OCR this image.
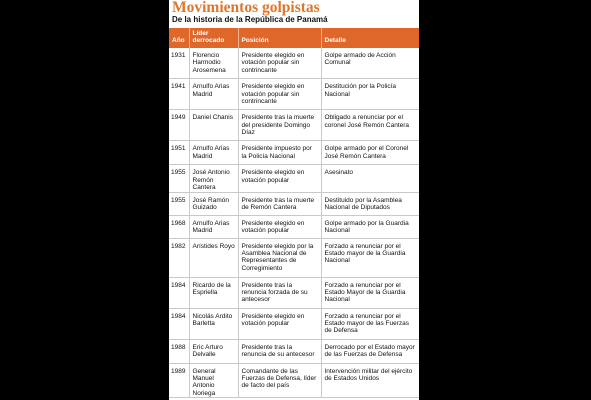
Movimientos golpistas
De la historia de la República de Panamá
Año	Líder derrocado	Posición	Detalle
1931	Florencio Harmodio Arosemena	Presidente elegido en votación popular sin contrincante	Golpe armado de Acción Comunal
1941	Arnulfo Arias Madrid	Presidente elegido en votación popular sin contrincante	Destitución por la Policía Nacional
1949	Daniel Chanis	Presidente tras la muerte del presidente Domingo Díaz	Obligado a renunciar por el coronel José Remón Cantera
1951	Arnulfo Arias Madrid	Presidente impuesto por la Policía Nacional	Golpe armado por el Coronel José Remón Cantera
1955	José Antonio Remón Cantera	Presidente elegido en votación popular	Asesinato
1955	José Ramón Guizado	Presidente tras la muerte de Remón Cantera	Destituido por la Asamblea Nacional de Diputados
1968	Arnulfo Arias Madrid	Presidente elegido en votación popular	Golpe armado por la Guardia Nacional
1982	Arístides Royo	Presidente elegido por la Asamblea Nacional de Representantes de Corregimiento	Forzado a renunciar por el Estado mayor de la Guardia Nacional
1984	Ricardo de la Espriella	Presidente tras la renuncia forzada de su antecesor	Forzado a renunciar por el Estado Mayor de la Guardia Nacional
1984	Nicolás Ardito Barletta	Presidente elegido en votación popular	Forzado a renunciar por el Estado mayor de las Fuerzas de Defensa
1988	Eric Arturo Delvalle	Presidente tras la renuncia de su antecesor	Derrocado por el Estado mayor de las Fuerzas de Defensa
1989	General Manuel Antonio Noriega	Comandante de las Fuerzas de Defensa, líder de facto del país	Intervención militar del ejército de Estados Unidos
